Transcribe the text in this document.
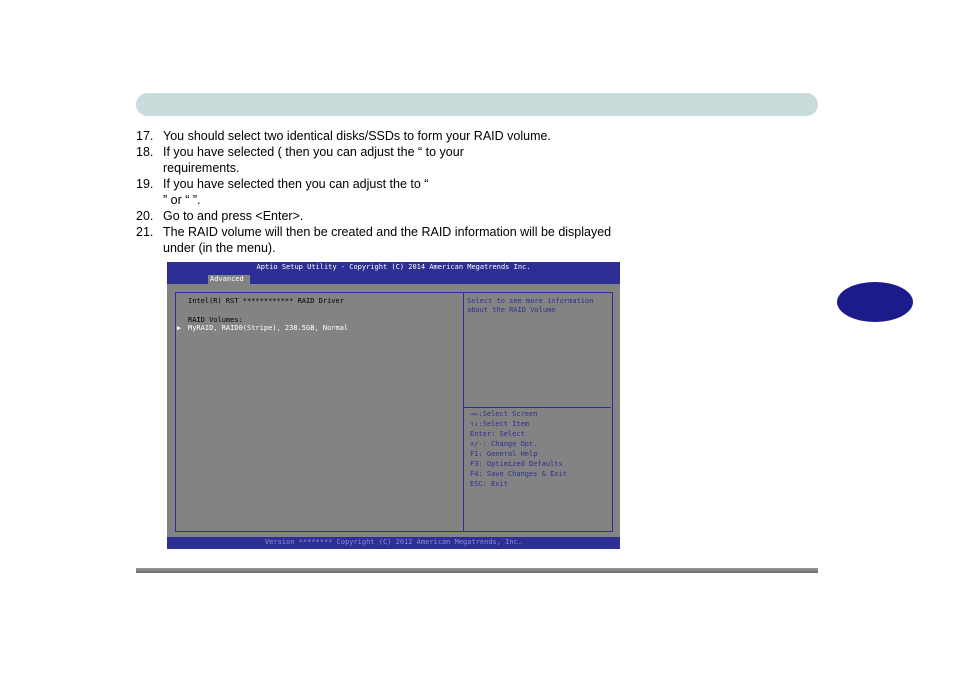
17. You should select two identical disks/SSDs to form your RAID volume.
18. If you have selected ( then you can adjust the “ to your
requirements.
19. If you have selected then you can adjust the to “
” or “ ”.
20. Go to and press <Enter>.
21. The RAID volume will then be created and the RAID information will be displayed
under (in the menu).
Aptio Setup Utility - Copyright (C) 2014 American Megatrends Inc.
Advanced
Intel(R) RST ************ RAID Driver
RAID Volumes:
▶ MyRAID, RAID0(Stripe), 238.5GB, Normal
Select to see more information
about the RAID Volume
→←:Select Screen
↑↓:Select Item
Enter: Select
+/-: Change Opt.
F1: General Help
F3: Optimized Defaults
F4: Save Changes & Exit
ESC: Exit
Version ******** Copyright (C) 2012 American Megatrends, Inc.
